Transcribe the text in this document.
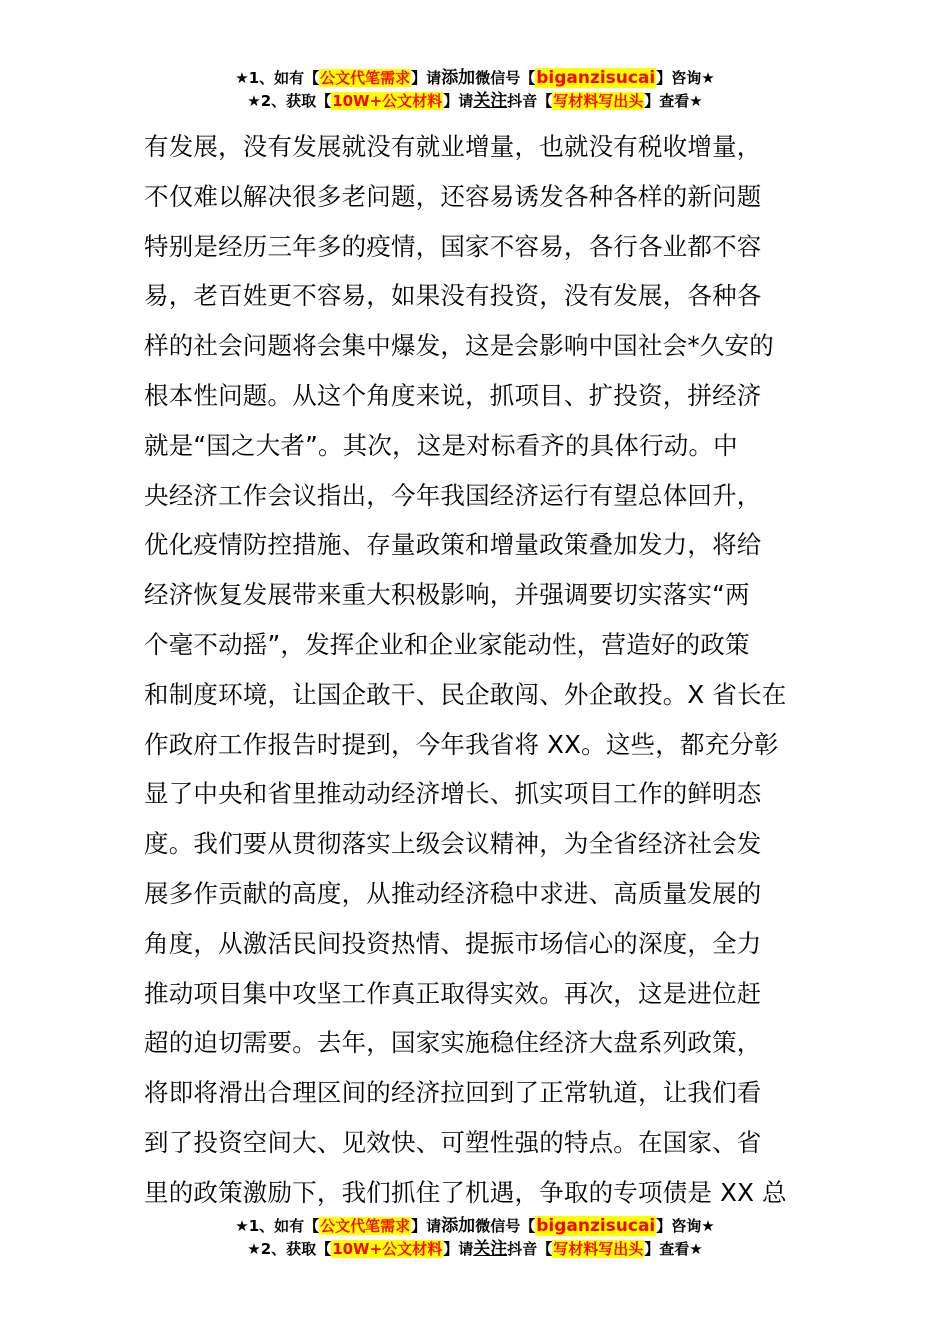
★1、如有【公文代笔需求】请添加微信号【biganzisucai】咨询★
★2、获取【10W+公文材料】请关注抖音【写材料写出头】查看★
有发展，没有发展就没有就业增量，也就没有税收增量，
不仅难以解决很多老问题，还容易诱发各种各样的新问题
特别是经历三年多的疫情，国家不容易，各行各业都不容
易，老百姓更不容易，如果没有投资，没有发展，各种各
样的社会问题将会集中爆发，这是会影响中国社会*久安的
根本性问题。从这个角度来说，抓项目、扩投资，拼经济
就是“国之大者”。其次，这是对标看齐的具体行动。中
央经济工作会议指出，今年我国经济运行有望总体回升，
优化疫情防控措施、存量政策和增量政策叠加发力，将给
经济恢复发展带来重大积极影响，并强调要切实落实“两
个毫不动摇”，发挥企业和企业家能动性，营造好的政策
和制度环境，让国企敢干、民企敢闯、外企敢投。X 省长在
作政府工作报告时提到，今年我省将 XX。这些，都充分彰
显了中央和省里推动动经济增长、抓实项目工作的鲜明态
度。我们要从贯彻落实上级会议精神，为全省经济社会发
展多作贡献的高度，从推动经济稳中求进、高质量发展的
角度，从激活民间投资热情、提振市场信心的深度，全力
推动项目集中攻坚工作真正取得实效。再次，这是进位赶
超的迫切需要。去年，国家实施稳住经济大盘系列政策，
将即将滑出合理区间的经济拉回到了正常轨道，让我们看
到了投资空间大、见效快、可塑性强的特点。在国家、省
里的政策激励下，我们抓住了机遇，争取的专项债是 XX 总
★1、如有【公文代笔需求】请添加微信号【biganzisucai】咨询★
★2、获取【10W+公文材料】请关注抖音【写材料写出头】查看★
